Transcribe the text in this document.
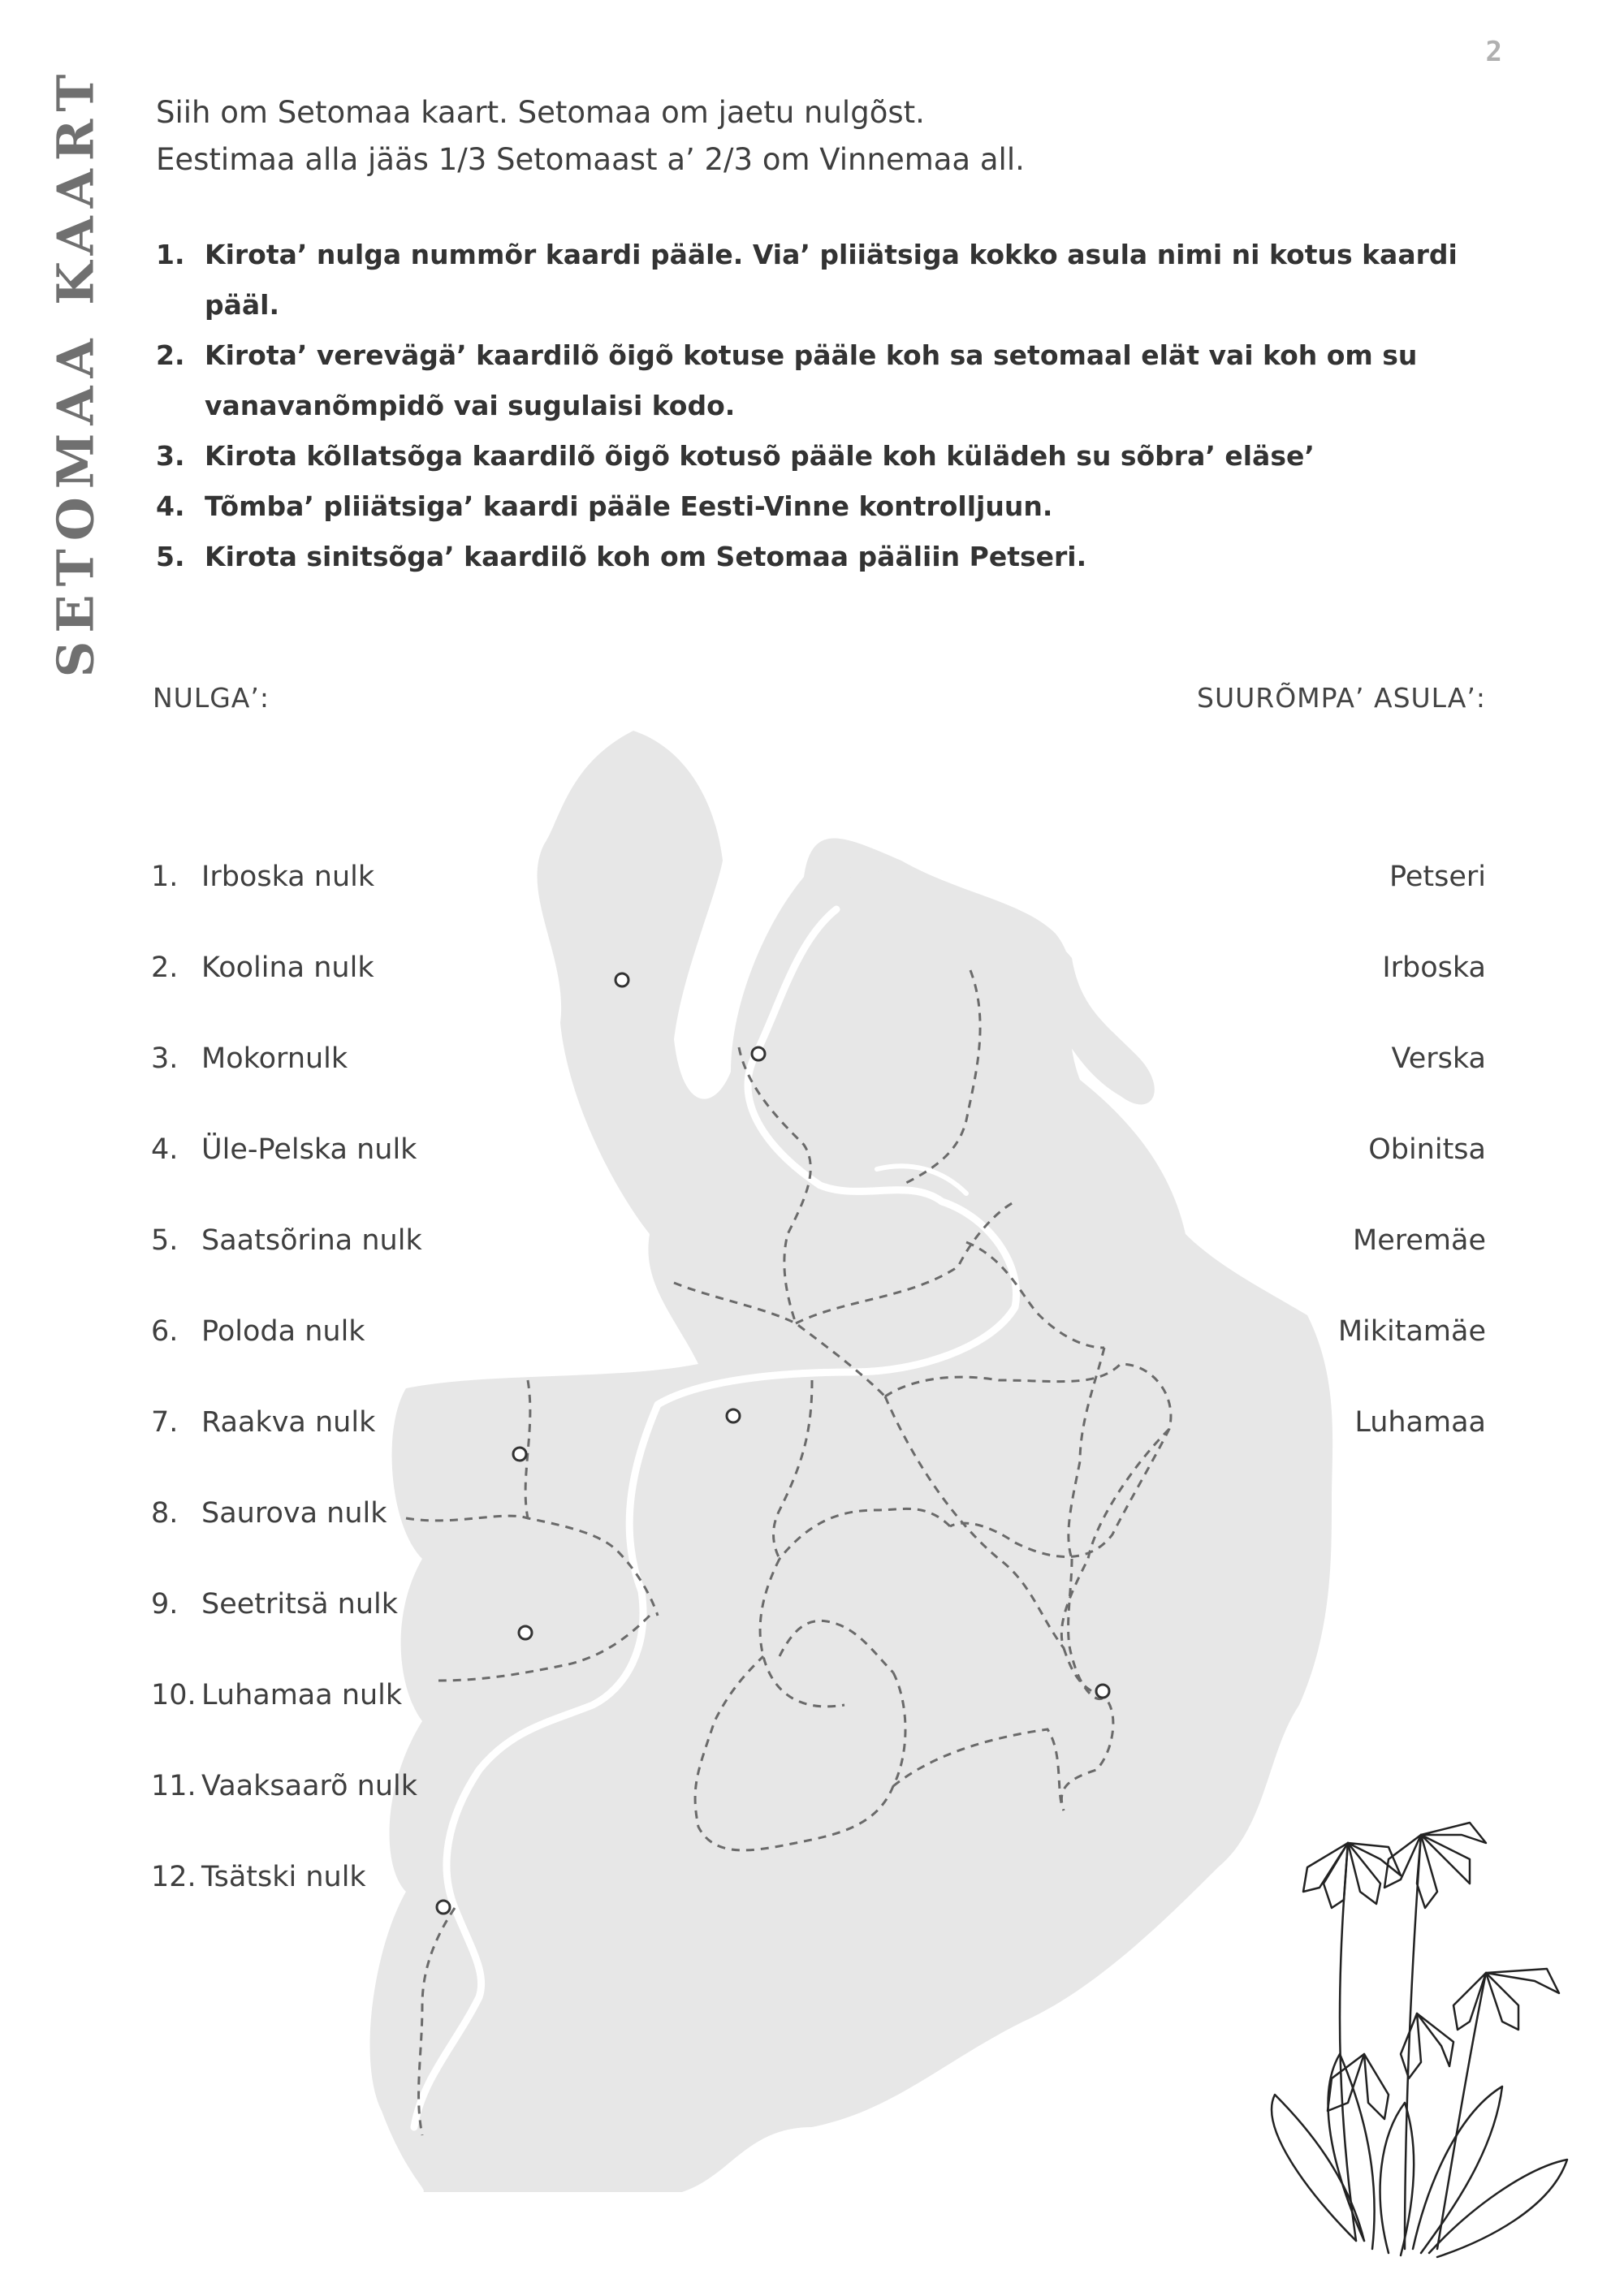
2
SETOMAA KAART Siih om Setomaa kaart. Setomaa om jaetu nulgõst.

Eestimaa alla jääs 1/3 Setomaast a’ 2/3 om Vinnemaa all.

1. Kirota’ nulga nummõr kaardi pääle. Via’ pliiätsiga kokko asula nimi ni kotus kaardi pääl.
2. Kirota’ verevägä’ kaardilõ õigõ kotuse pääle koh sa setomaal elät vai koh om su vanavanõmpidõ vai sugulaisi kodo.
3. Kirota kõllatsõga kaardilõ õigõ kotusõ pääle koh külädeh su sõbra’ eläse’
4. Tõmba’ pliiätsiga’ kaardi pääle Eesti-Vinne kontrolljuun.
5. Kirota sinitsõga’ kaardilõ koh om Setomaa pääliin Petseri.
NULGA’:	SUURÕMPA’ ASULA’:
1. Irboska nulk
2. Koolina nulk
3. Mokornulk
4. Üle-Pelska nulk
5. Saatsõrina nulk
6. Poloda nulk
7. Raakva nulk
8. Saurova nulk
9. Seetritsä nulk
10. Luhamaa nulk
11. Vaaksaarõ nulk
12. Tsätski nulk
Petseri
Irboska
Verska
Obinitsa
Meremäe
Mikitamäe
Luhamaa
